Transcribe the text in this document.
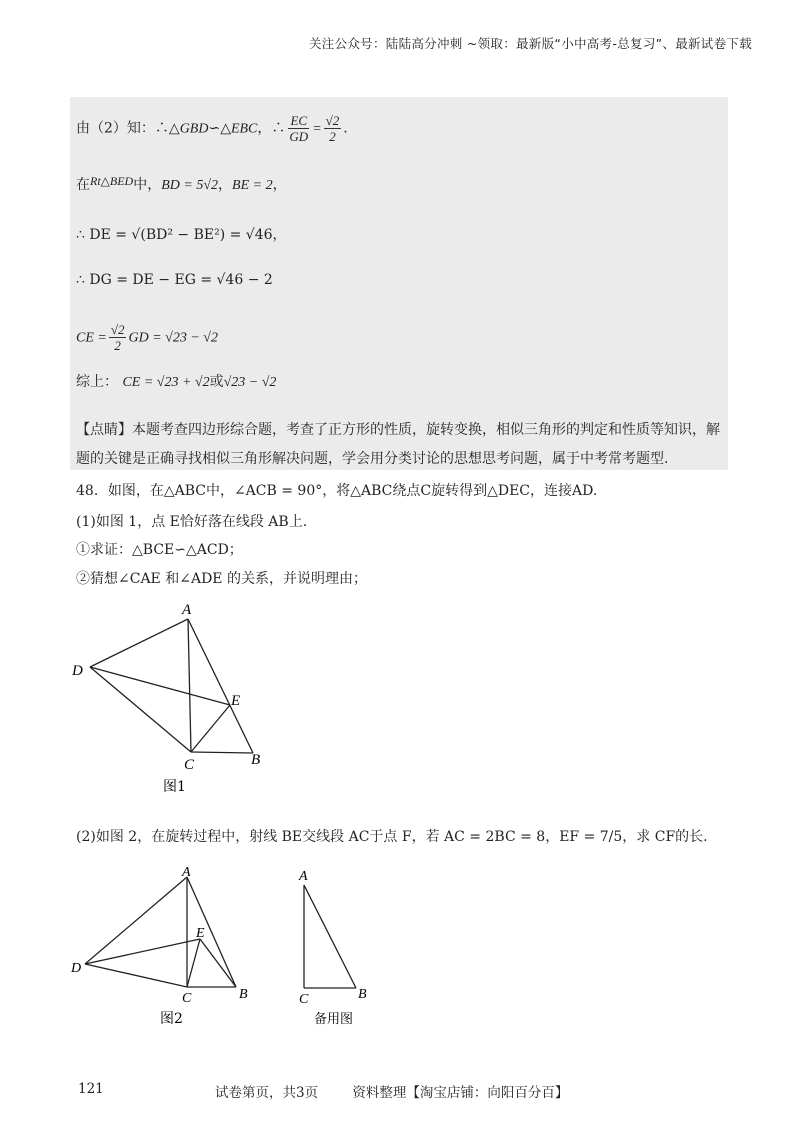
关注公众号：陆陆高分冲刺 ~领取：最新版“小中高考-总复习”、最新试卷下载
由（2）知：∴△GBD∽△EBC，∴ $\frac{EC}{GD} = \frac{√2}{2}$ .
在Rt△BED中，BD = 5√2，BE = 2，
∴ DE = √(BD² − BE²) = √46，
∴ DG = DE − EG = √46 − 2
CE = $\frac{√2}{2}$ GD = √23 − √2
综上： CE = √23 + √2或√23 − √2
【点睛】本题考查四边形综合题，考查了正方形的性质，旋转变换，相似三角形的判定和性质等知识，解题的关键是正确寻找相似三角形解决问题，学会用分类讨论的思想思考问题，属于中考常考题型.
48．如图，在△ABC中，∠ACB = 90°，将△ABC绕点C旋转得到△DEC，连接AD.
(1)如图 1，点 E恰好落在线段 AB上.
①求证：△BCE∽△ACD；
②猜想∠CAE 和∠ADE 的关系，并说明理由；
A
D
E
C	B
图1
(2)如图 2，在旋转过程中，射线 BE交线段 AC于点 F，若 AC = 2BC = 8，EF = 7/5，求 CF的长.
A
E
D
C	B
图2
A
C	B
备用图
121	试卷第页，共3页        资料整理【淘宝店铺：向阳百分百】
